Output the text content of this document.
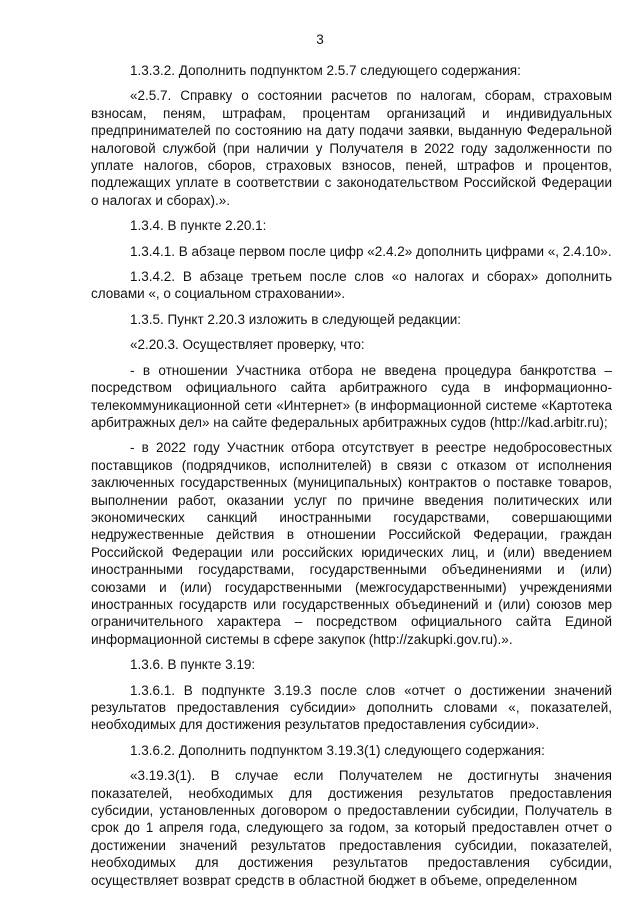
3

1.3.3.2. Дополнить подпунктом 2.5.7 следующего содержания:

«2.5.7. Справку о состоянии расчетов по налогам, сборам, страховым взносам, пеням, штрафам, процентам организаций и индивидуальных предпринимателей по состоянию на дату подачи заявки, выданную Федеральной налоговой службой (при наличии у Получателя в 2022 году задолженности по уплате налогов, сборов, страховых взносов, пеней, штрафов и процентов, подлежащих уплате в соответствии с законодательством Российской Федерации о налогах и сборах).».

1.3.4. В пункте 2.20.1:

1.3.4.1. В абзаце первом после цифр «2.4.2» дополнить цифрами «, 2.4.10».

1.3.4.2. В абзаце третьем после слов «о налогах и сборах» дополнить словами «, о социальном страховании».

1.3.5. Пункт 2.20.3 изложить в следующей редакции:

«2.20.3. Осуществляет проверку, что:

- в отношении Участника отбора не введена процедура банкротства – посредством официального сайта арбитражного суда в информационно-телекоммуникационной сети «Интернет» (в информационной системе «Картотека арбитражных дел» на сайте федеральных арбитражных судов (http://kad.arbitr.ru);

- в 2022 году Участник отбора отсутствует в реестре недобросовестных поставщиков (подрядчиков, исполнителей) в связи с отказом от исполнения заключенных государственных (муниципальных) контрактов о поставке товаров, выполнении работ, оказании услуг по причине введения политических или экономических санкций иностранными государствами, совершающими недружественные действия в отношении Российской Федерации, граждан Российской Федерации или российских юридических лиц, и (или) введением иностранными государствами, государственными объединениями и (или) союзами и (или) государственными (межгосударственными) учреждениями иностранных государств или государственных объединений и (или) союзов мер ограничительного характера – посредством официального сайта Единой информационной системы в сфере закупок (http://zakupki.gov.ru).».

1.3.6. В пункте 3.19:

1.3.6.1. В подпункте 3.19.3 после слов «отчет о достижении значений результатов предоставления субсидии» дополнить словами «, показателей, необходимых для достижения результатов предоставления субсидии».

1.3.6.2. Дополнить подпунктом 3.19.3(1) следующего содержания:

«3.19.3(1). В случае если Получателем не достигнуты значения показателей, необходимых для достижения результатов предоставления субсидии, установленных договором о предоставлении субсидии, Получатель в срок до 1 апреля года, следующего за годом, за который предоставлен отчет о достижении значений результатов предоставления субсидии, показателей, необходимых для достижения результатов предоставления субсидии, осуществляет возврат средств в областной бюджет в объеме, определенном
